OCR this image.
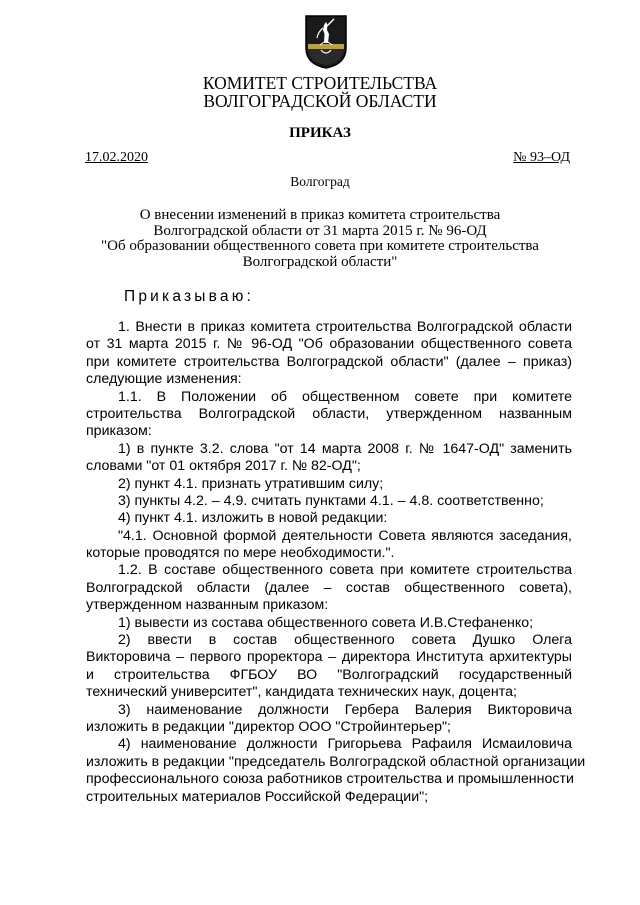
КОМИТЕТ СТРОИТЕЛЬСТВА
ВОЛГОГРАДСКОЙ ОБЛАСТИ
ПРИКАЗ
17.02.2020	№ 93–ОД
Волгоград
О внесении изменений в приказ комитета строительства
Волгоградской области от 31 марта 2015 г. № 96-ОД
"Об образовании общественного совета при комитете строительства
Волгоградской области"
Приказываю:
1. Внести в приказ комитета строительства Волгоградской области
от 31 марта 2015 г. № 96-ОД "Об образовании общественного совета
при комитете строительства Волгоградской области" (далее – приказ)
следующие изменения:
1.1. В Положении об общественном совете при комитете
строительства Волгоградской области, утвержденном названным
приказом:
1) в пункте 3.2. слова "от 14 марта 2008 г. № 1647-ОД" заменить
словами "от 01 октября 2017 г. № 82-ОД";
2) пункт 4.1. признать утратившим силу;
3) пункты 4.2. – 4.9. считать пунктами 4.1. – 4.8. соответственно;
4) пункт 4.1. изложить в новой редакции:
"4.1. Основной формой деятельности Совета являются заседания,
которые проводятся по мере необходимости.".
1.2. В составе общественного совета при комитете строительства
Волгоградской области (далее – состав общественного совета),
утвержденном названным приказом:
1) вывести из состава общественного совета И.В.Стефаненко;
2) ввести в состав общественного совета Душко Олега
Викторовича – первого проректора – директора Института архитектуры
и строительства ФГБОУ ВО "Волгоградский государственный
технический университет", кандидата технических наук, доцента;
3) наименование должности Гербера Валерия Викторовича
изложить в редакции "директор ООО "Стройинтерьер";
4) наименование должности Григорьева Рафаиля Исмаиловича
изложить в редакции "председатель Волгоградской областной организации
профессионального союза работников строительства и промышленности
строительных материалов Российской Федерации";
